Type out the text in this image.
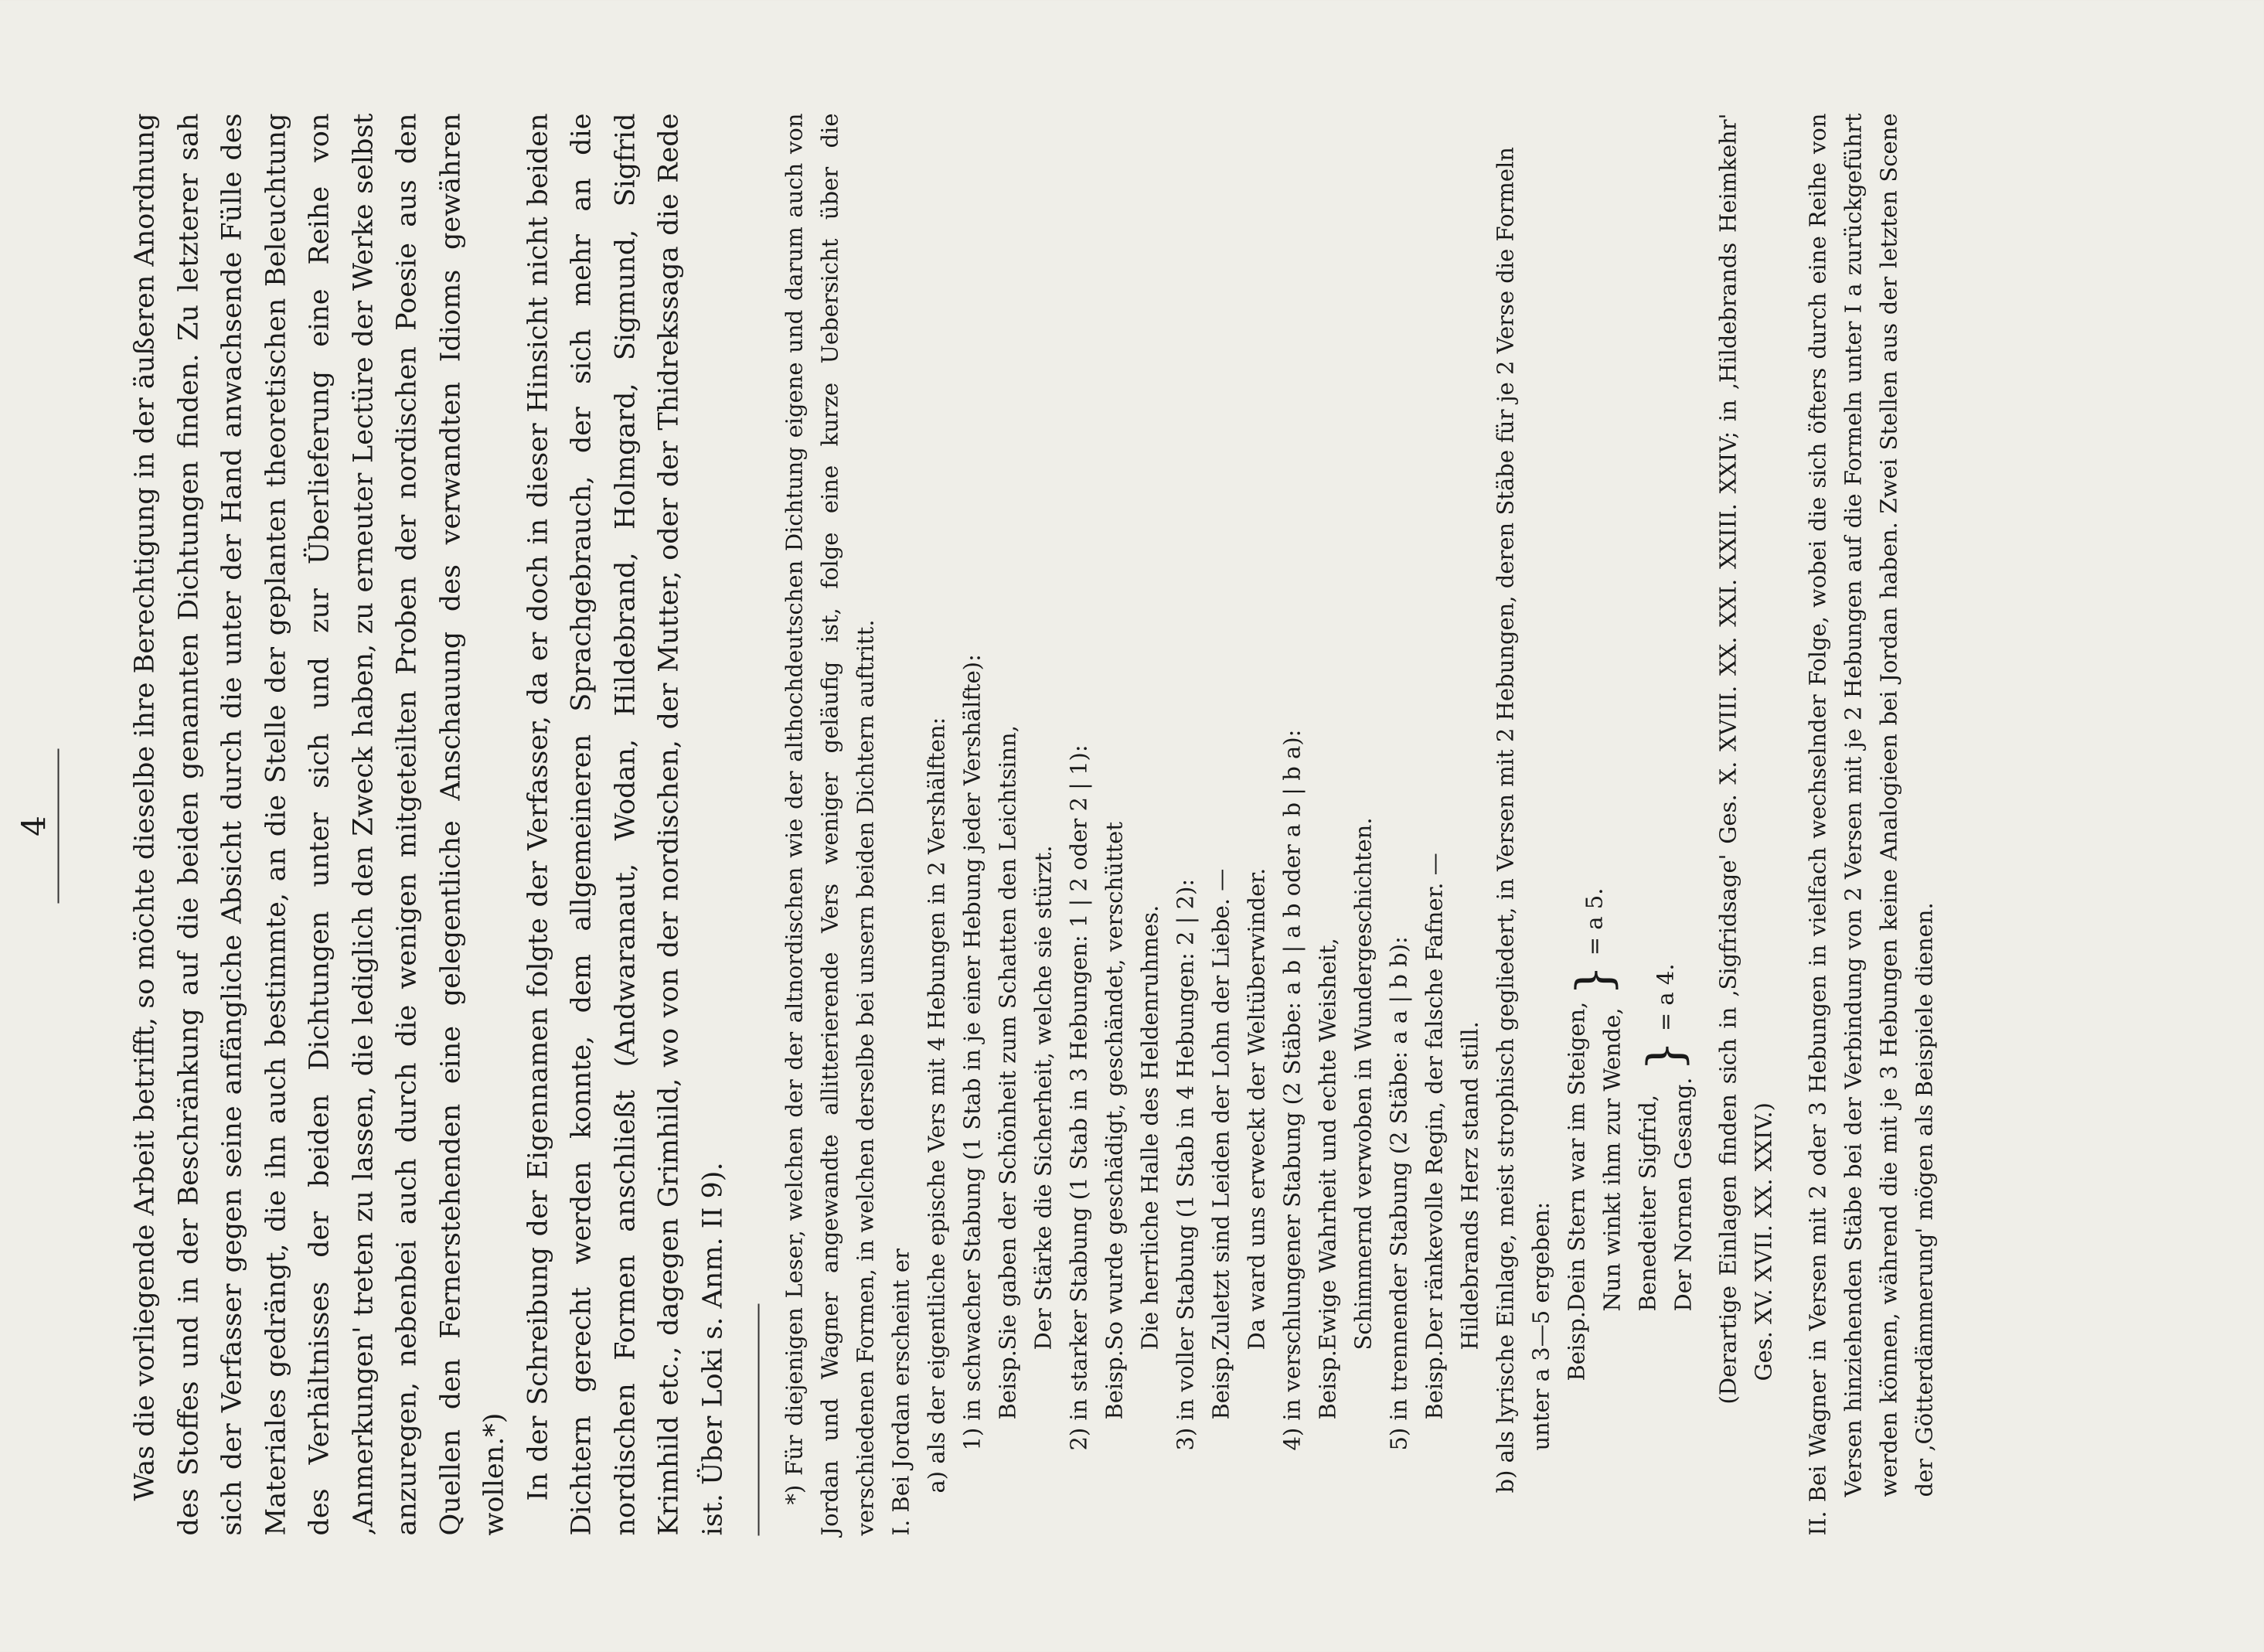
4	Was die vorliegende Arbeit betrifft, so möchte dieselbe ihre Berechtigung in der äußeren Anordnung des Stoffes und in der Beschränkung auf die beiden genannten Dichtungen finden. Zu letzterer sah sich der Verfasser gegen seine anfängliche Absicht durch die unter der Hand anwachsende Fülle des Materiales gedrängt, die ihn auch bestimmte, an die Stelle der geplanten theoretischen Beleuchtung des Verhältnisses der beiden Dichtungen unter sich und zur Überlieferung eine Reihe von ‚Anmerkungen' treten zu lassen, die lediglich den Zweck haben, zu erneuter Lectüre der Werke selbst anzuregen, nebenbei auch durch die wenigen mitgeteilten Proben der nordischen Poesie aus den Quellen den Fernerstehenden eine gelegentliche Anschauung des verwandten Idioms gewähren wollen.*) In der Schreibung der Eigennamen folgte der Verfasser, da er doch in dieser Hinsicht nicht beiden Dichtern gerecht werden konnte, dem allgemeineren Sprachgebrauch, der sich mehr an die nordischen Formen anschließt (Andwaranaut, Wodan, Hildebrand, Holmgard, Sigmund, Sigfrid Krimhild etc., dagegen Grimhild, wo von der nordischen, der Mutter, oder der Thidrekssaga die Rede ist. Über Loki s. Anm. II 9). *) Für diejenigen Leser, welchen der der altnordischen wie der althochdeutschen Dichtung eigene und darum auch von Jordan und Wagner angewandte allitterierende Vers weniger geläufig ist, folge eine kurze Uebersicht über die verschiedenen Formen, in welchen derselbe bei unsern beiden Dichtern auftritt. I. Bei Jordan erscheint er a) als der eigentliche epische Vers mit 4 Hebungen in 2 Vershälften: 1) in schwacher Stabung (1 Stab in je einer Hebung jeder Vershälfte): Beisp.

Sie gaben der Schönheit zum Schatten den Leichtsinn, Der Stärke die Sicherheit, welche sie stürzt. 2) in starker Stabung (1 Stab in 3 Hebungen: 1 | 2 oder 2 | 1): Beisp.

So wurde geschädigt, geschändet, verschüttet Die herrliche Halle des Heldenruhmes. 3) in voller Stabung (1 Stab in 4 Hebungen: 2 | 2): Beisp.

Zuletzt sind Leiden der Lohn der Liebe. — Da ward uns erweckt der Weltüberwinder. 4) in verschlungener Stabung (2 Stäbe: a b | a b oder a b | b a): Beisp.

Ewige Wahrheit und echte Weisheit, Schimmernd verwoben in Wundergeschichten. 5) in trennender Stabung (2 Stäbe: a a | b b): Beisp.

Der ränkevolle Regin, der falsche Fafner. — Hildebrands Herz stand still. b) als lyrische Einlage, meist strophisch gegliedert, in Versen mit 2 Hebungen, deren Stäbe für je 2 Verse die Formeln unter a 3—5 ergeben: Beisp.

Dein Stern war im Steigen, Nun winkt ihm zur Wende,

}
= a 5.

Benedeiter Sigfrid, Der Nornen Gesang.

}
= a 4. (Derartige Einlagen finden sich in ‚Sigfridsage' Ges. X. XVIII. XX. XXI. XXIII. XXIV; in ‚Hildebrands Heimkehr' Ges. XV. XVII. XX. XXIV.) II. Bei Wagner in Versen mit 2 oder 3 Hebungen in vielfach wechselnder Folge, wobei die sich öfters durch eine Reihe von Versen hinziehenden Stäbe bei der Verbindung von 2 Versen mit je 2 Hebungen auf die Formeln unter I a zurückgeführt werden können, während die mit je 3 Hebungen keine Analogieen bei Jordan haben. Zwei Stellen aus der letzten Scene der ‚Götterdämmerung' mögen als Beispiele dienen.
